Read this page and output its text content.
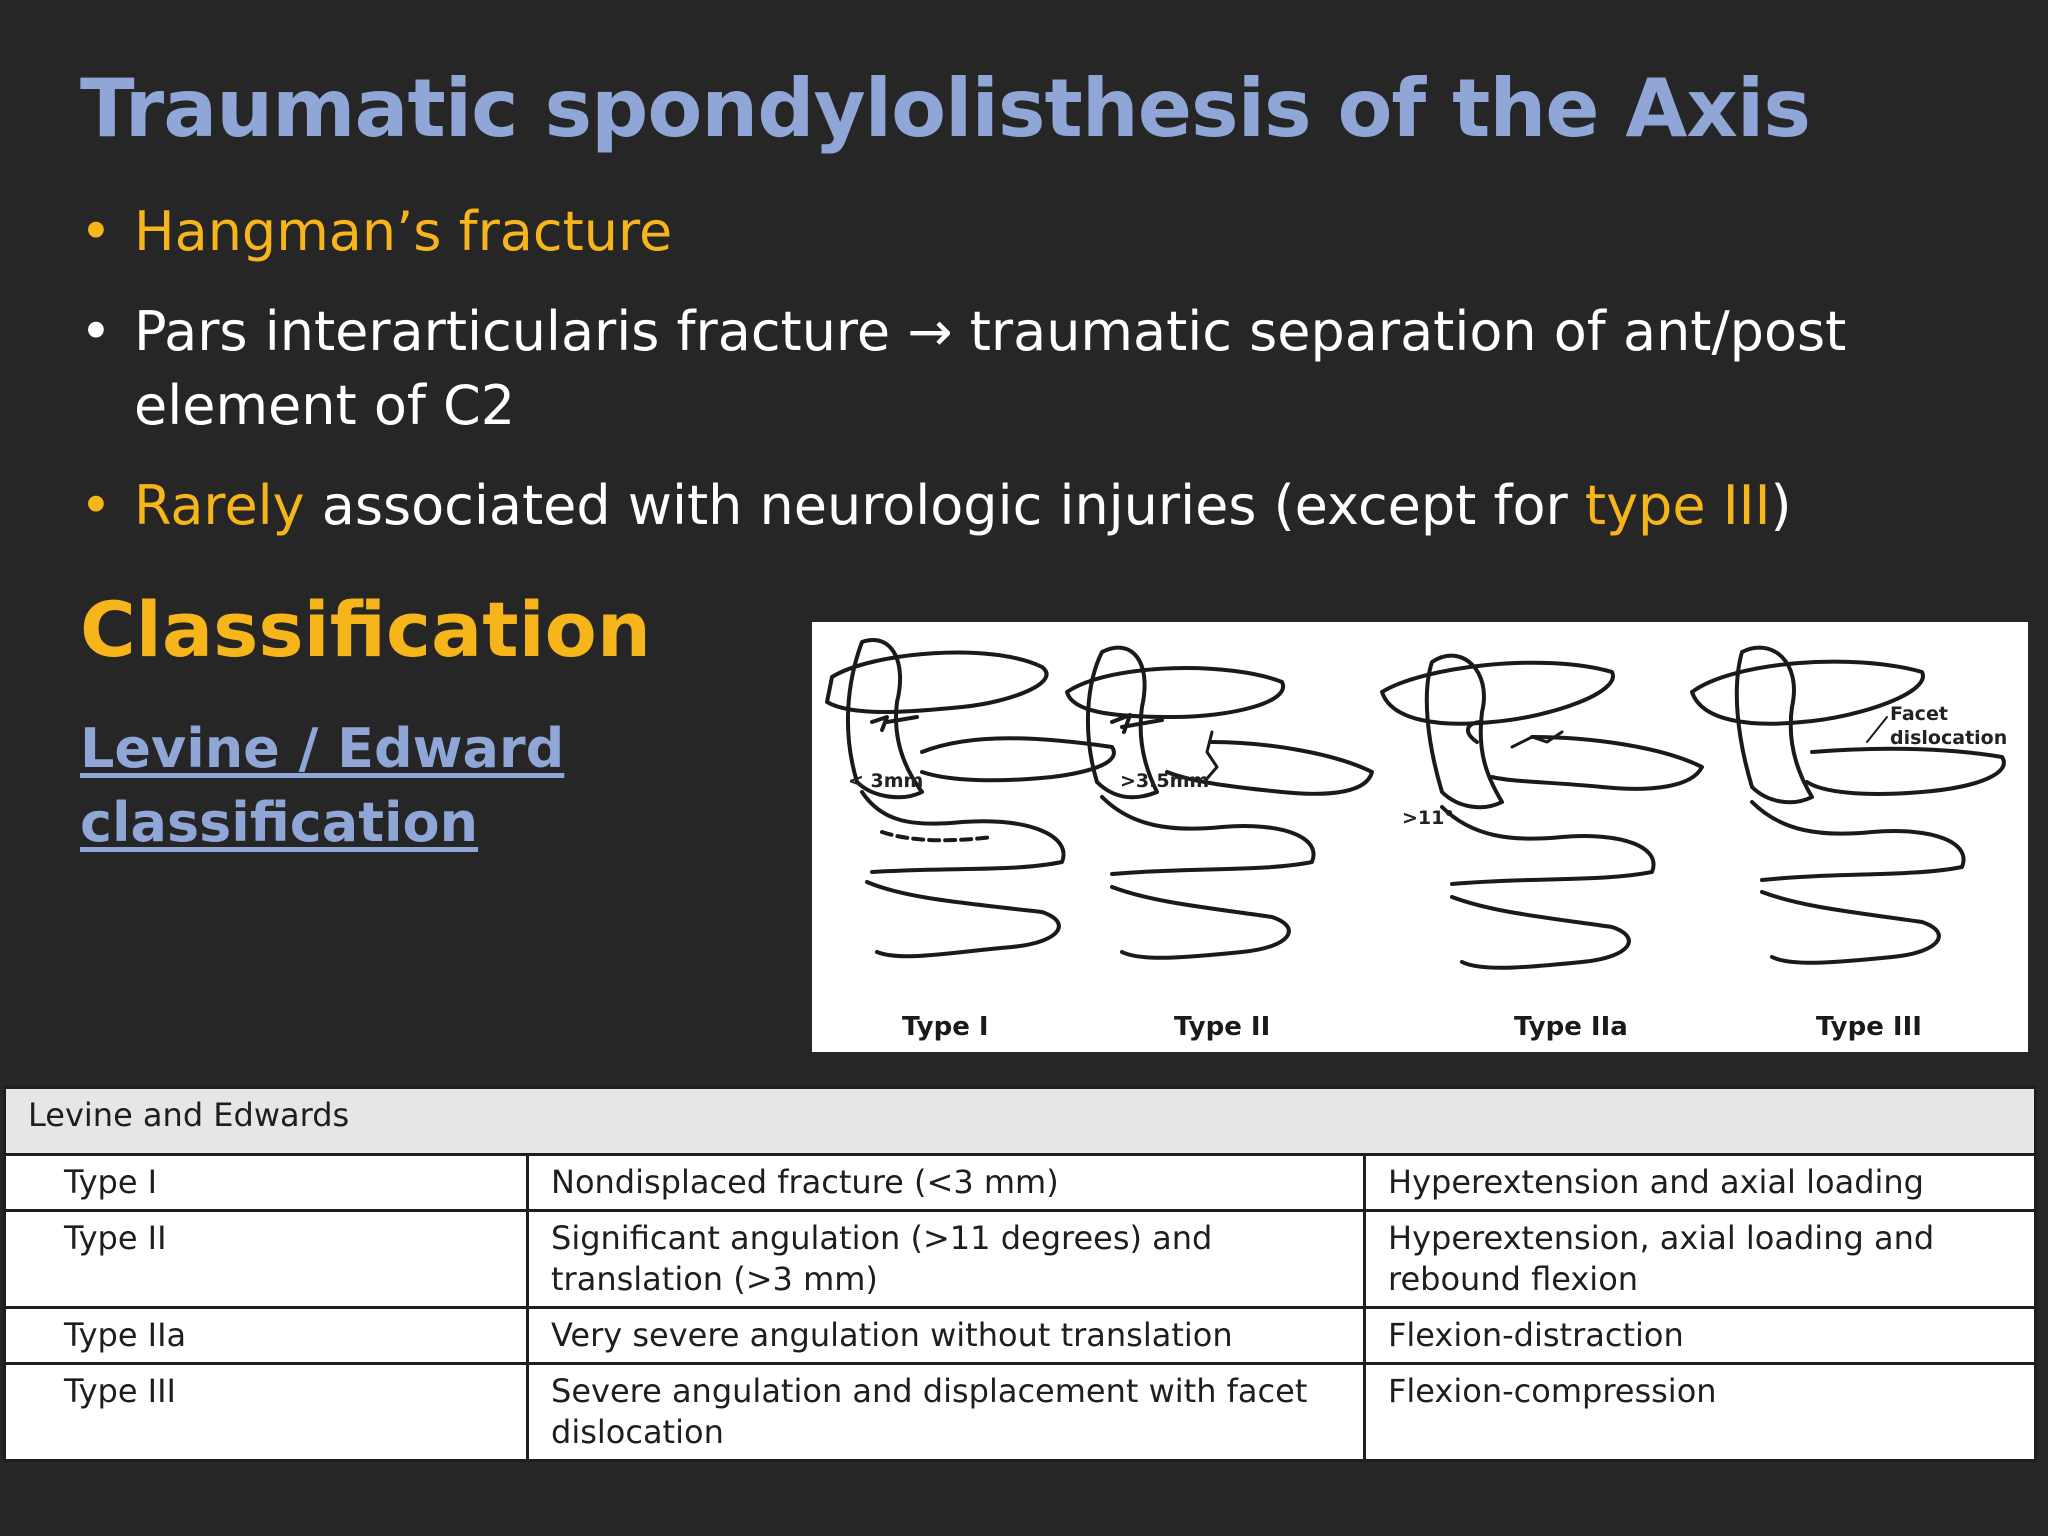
Traumatic spondylolisthesis of the Axis
• Hangman’s fracture
• Pars interarticularis fracture → traumatic separation of ant/post element of C2
• Rarely associated with neurologic injuries (except for type III)
Classification
Levine / Edward classification
< 3mm	>3.5mm
>11°
Facet dislocation
Type I	Type II	Type IIa	Type III
Levine and Edwards		
Type I	Nondisplaced fracture (<3 mm)	Hyperextension and axial loading
Type II	Significant angulation (>11 degrees) and translation (>3 mm)	Hyperextension, axial loading and rebound flexion
Type IIa	Very severe angulation without translation	Flexion-distraction
Type III	Severe angulation and displacement with facet dislocation	Flexion-compression
